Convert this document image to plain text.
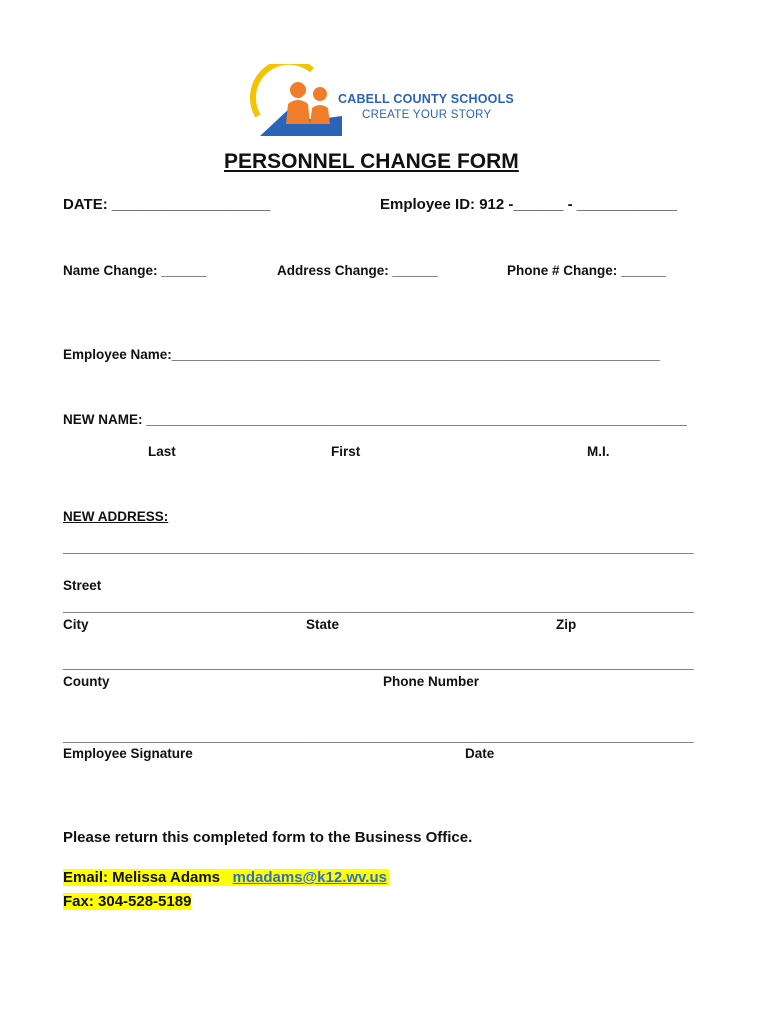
CABELL COUNTY SCHOOLS
CREATE YOUR STORY
PERSONNEL CHANGE FORM
DATE: ___________________	Employee ID: 912 -______ - ____________
Name Change: ______	Address Change: ______	Phone # Change: ______
Employee Name:_________________________________________________________________
NEW NAME: ________________________________________________________________________
Last	First	M.I.
NEW ADDRESS:
____________________________________________________________________________________
Street
____________________________________________________________________________________
City	State	Zip
____________________________________________________________________________________
County	Phone Number
____________________________________________________________________________________
Employee Signature	Date
Please return this completed form to the Business Office.
Email: Melissa Adams mdadams@k12.wv.us
Fax: 304-528-5189
